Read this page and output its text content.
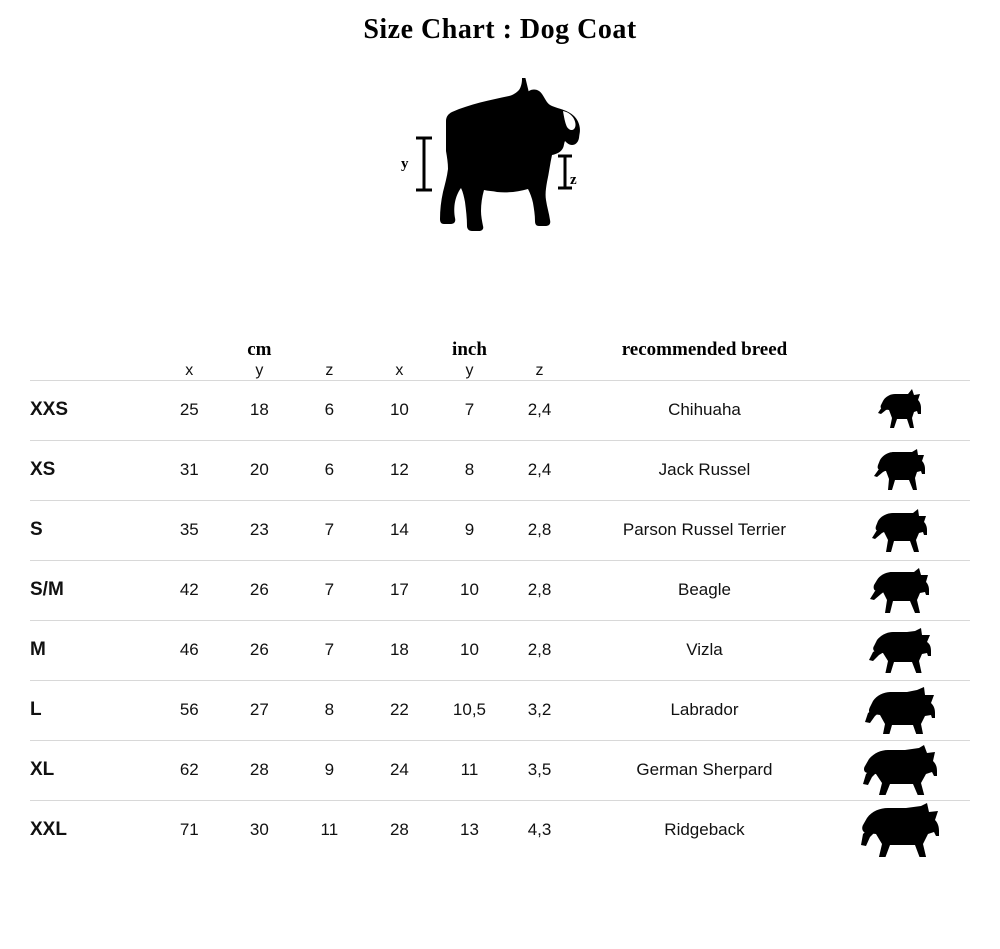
Size Chart : Dog Coat
x
y
z
	cm			inch			recommended breed	
	x	y	z	x	y	z		
XXS	25	18	6	10	7	2,4	Chihuaha	
XS	31	20	6	12	8	2,4	Jack Russel	
S	35	23	7	14	9	2,8	Parson Russel Terrier	
S/M	42	26	7	17	10	2,8	Beagle	
M	46	26	7	18	10	2,8	Vizla	
L	56	27	8	22	10,5	3,2	Labrador	
XL	62	28	9	24	11	3,5	German Sherpard	
XXL	71	30	11	28	13	4,3	Ridgeback	
